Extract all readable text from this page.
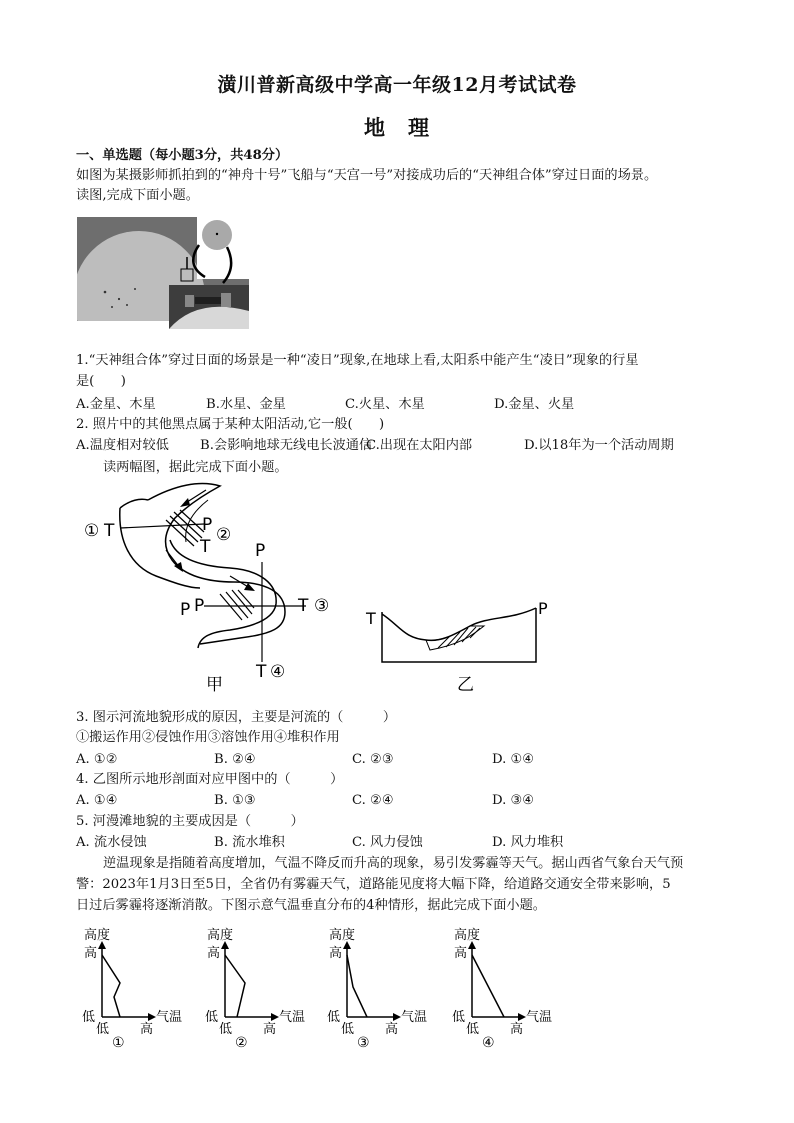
潢川普新高级中学高一年级12月考试试卷
地　理
一、单选题（每小题3分，共48分）
如图为某摄影师抓拍到的“神舟十号”飞船与“天宫一号”对接成功后的“天神组合体”穿过日面的场景。
读图,完成下面小题。
1.“天神组合体”穿过日面的场景是一种“凌日”现象,在地球上看,太阳系中能产生“凌日”现象的行星
是(　　)
A.金星、木星	B.水星、金星	C.火星、木星	D.金星、火星
2. 照片中的其他黑点属于某种太阳活动,它一般(　　)
A.温度相对较低 B.会影响地球无线电长波通信
C.出现在太阳内部	D.以18年为一个活动周期
读两幅图，据此完成下面小题。
① T	P ②
T	P
P P	T ③
T ④
甲
T
P
乙
3. 图示河流地貌形成的原因，主要是河流的（　　　）
①搬运作用②侵蚀作用③溶蚀作用④堆积作用
A. ①②	B. ②④	C. ②③	D. ①④
4. 乙图所示地形剖面对应甲图中的（　　　）
A. ①④	B. ①③	C. ②④	D. ③④
5. 河漫滩地貌的主要成因是（　　　）
A. 流水侵蚀	B. 流水堆积	C. 风力侵蚀	D. 风力堆积
逆温现象是指随着高度增加，气温不降反而升高的现象，易引发雾霾等天气。据山西省气象台天气预
警：2023年1月3日至5日，全省仍有雾霾天气，道路能见度将大幅下降，给道路交通安全带来影响，5
日过后雾霾将逐渐消散。下图示意气温垂直分布的4种情形，据此完成下面小题。
高度
高
低
低 高
气温
①
高度
高
低
低 高
气温
②
高度
高
低
低 高
气温
③
高度
高
低
低 高
气温
④
